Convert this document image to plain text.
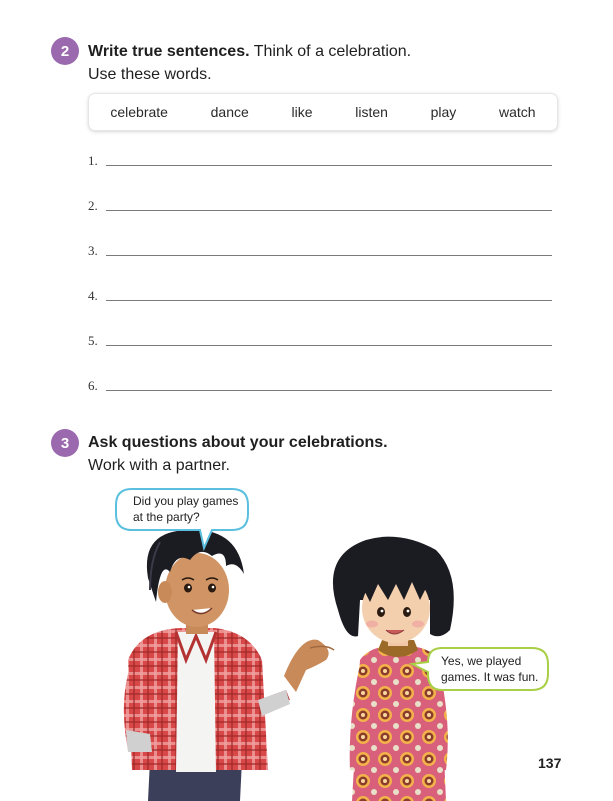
2 Write true sentences. Think of a celebration.
Use these words.
celebrate	dance	like	listen	play	watch
1.
2.
3.
4.
5.
6.
3 Ask questions about your celebrations.
Work with a partner.
Did you play games
at the party?
Yes, we played
games. It was fun.
137
